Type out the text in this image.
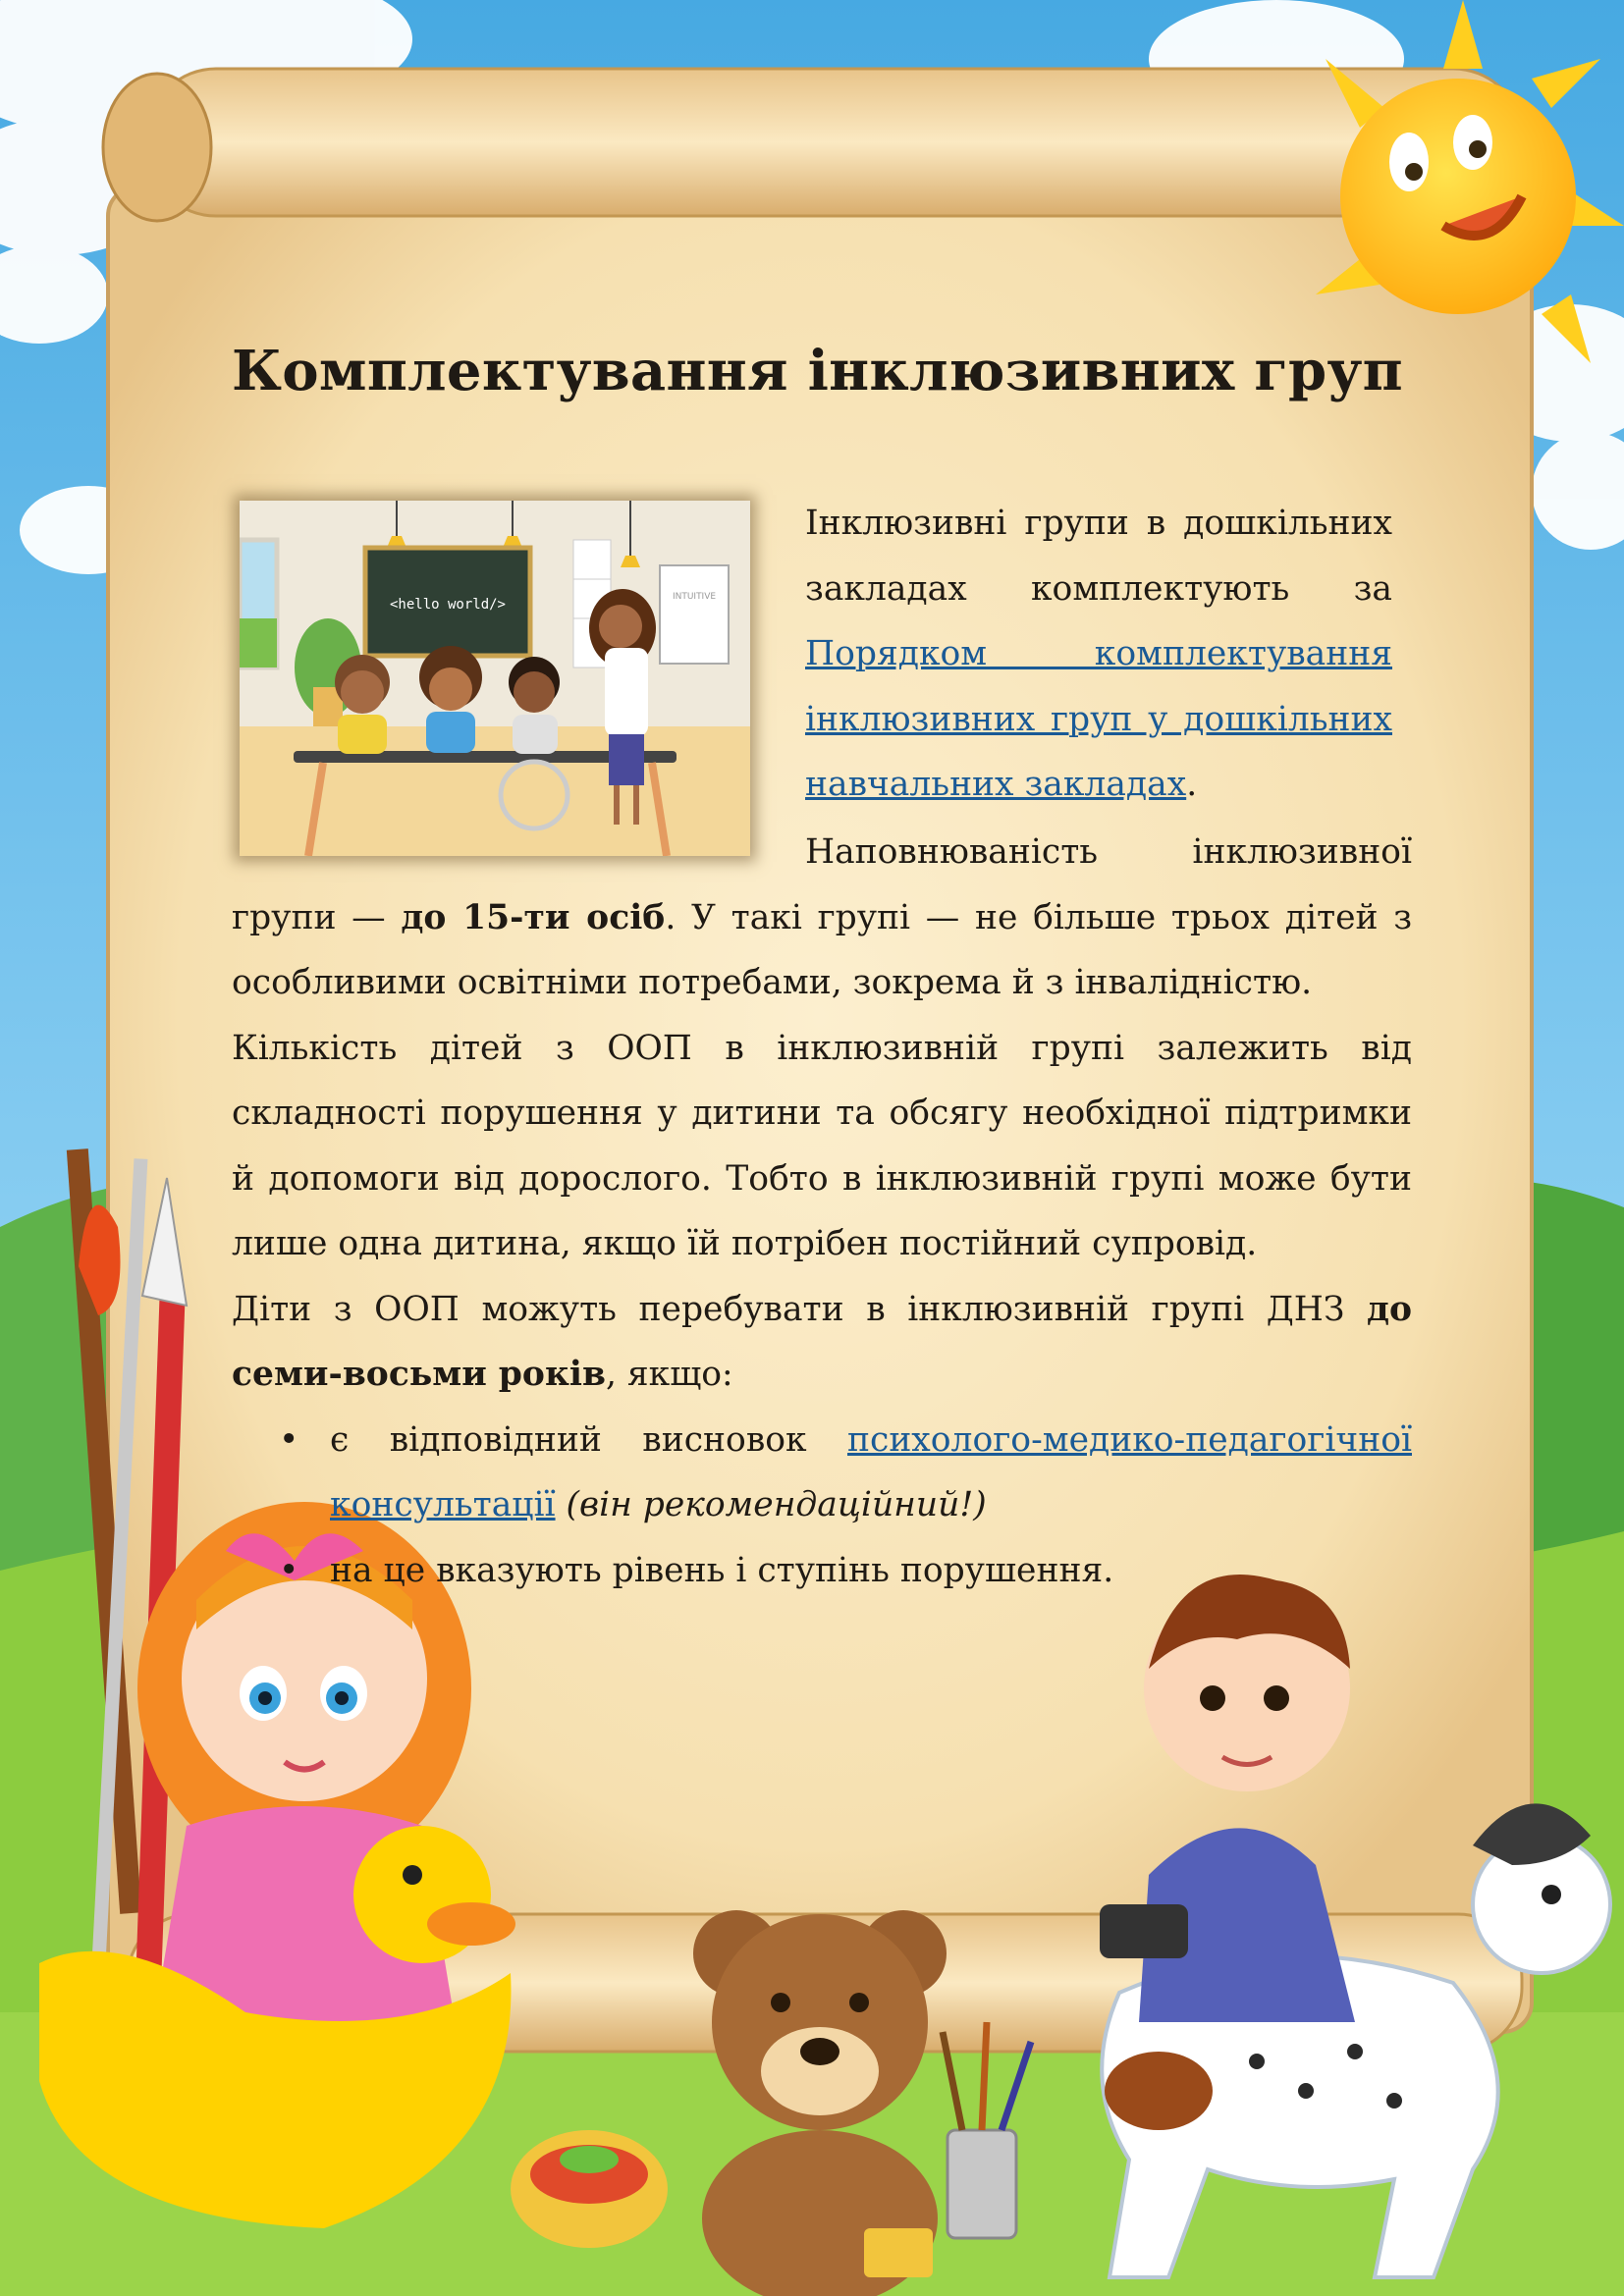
Комплектування інклюзивних груп
<hello world/>	INTUITIVE

Інклюзивні групи в дошкільних закладах комплектують за Порядком комплектування інклюзивних груп у дошкільних навчальних закладах.

Наповнюваність інклюзивної групи — до 15-ти осіб. У такі групі — не більше трьох дітей з особливими освітніми потребами, зокрема й з інвалідністю.

Кількість дітей з ООП в інклюзивній групі залежить від складності порушення у дитини та обсягу необхідної підтримки й допомоги від дорослого. Тобто в інклюзивній групі може бути лише одна дитина, якщо їй потрібен постійний супровід.

Діти з ООП можуть перебувати в інклюзивній групі ДНЗ до семи-восьми років, якщо:

• є відповідний висновок психолого-медико-педагогічної консультації (він рекомендаційний!)
• на це вказують рівень і ступінь порушення.
